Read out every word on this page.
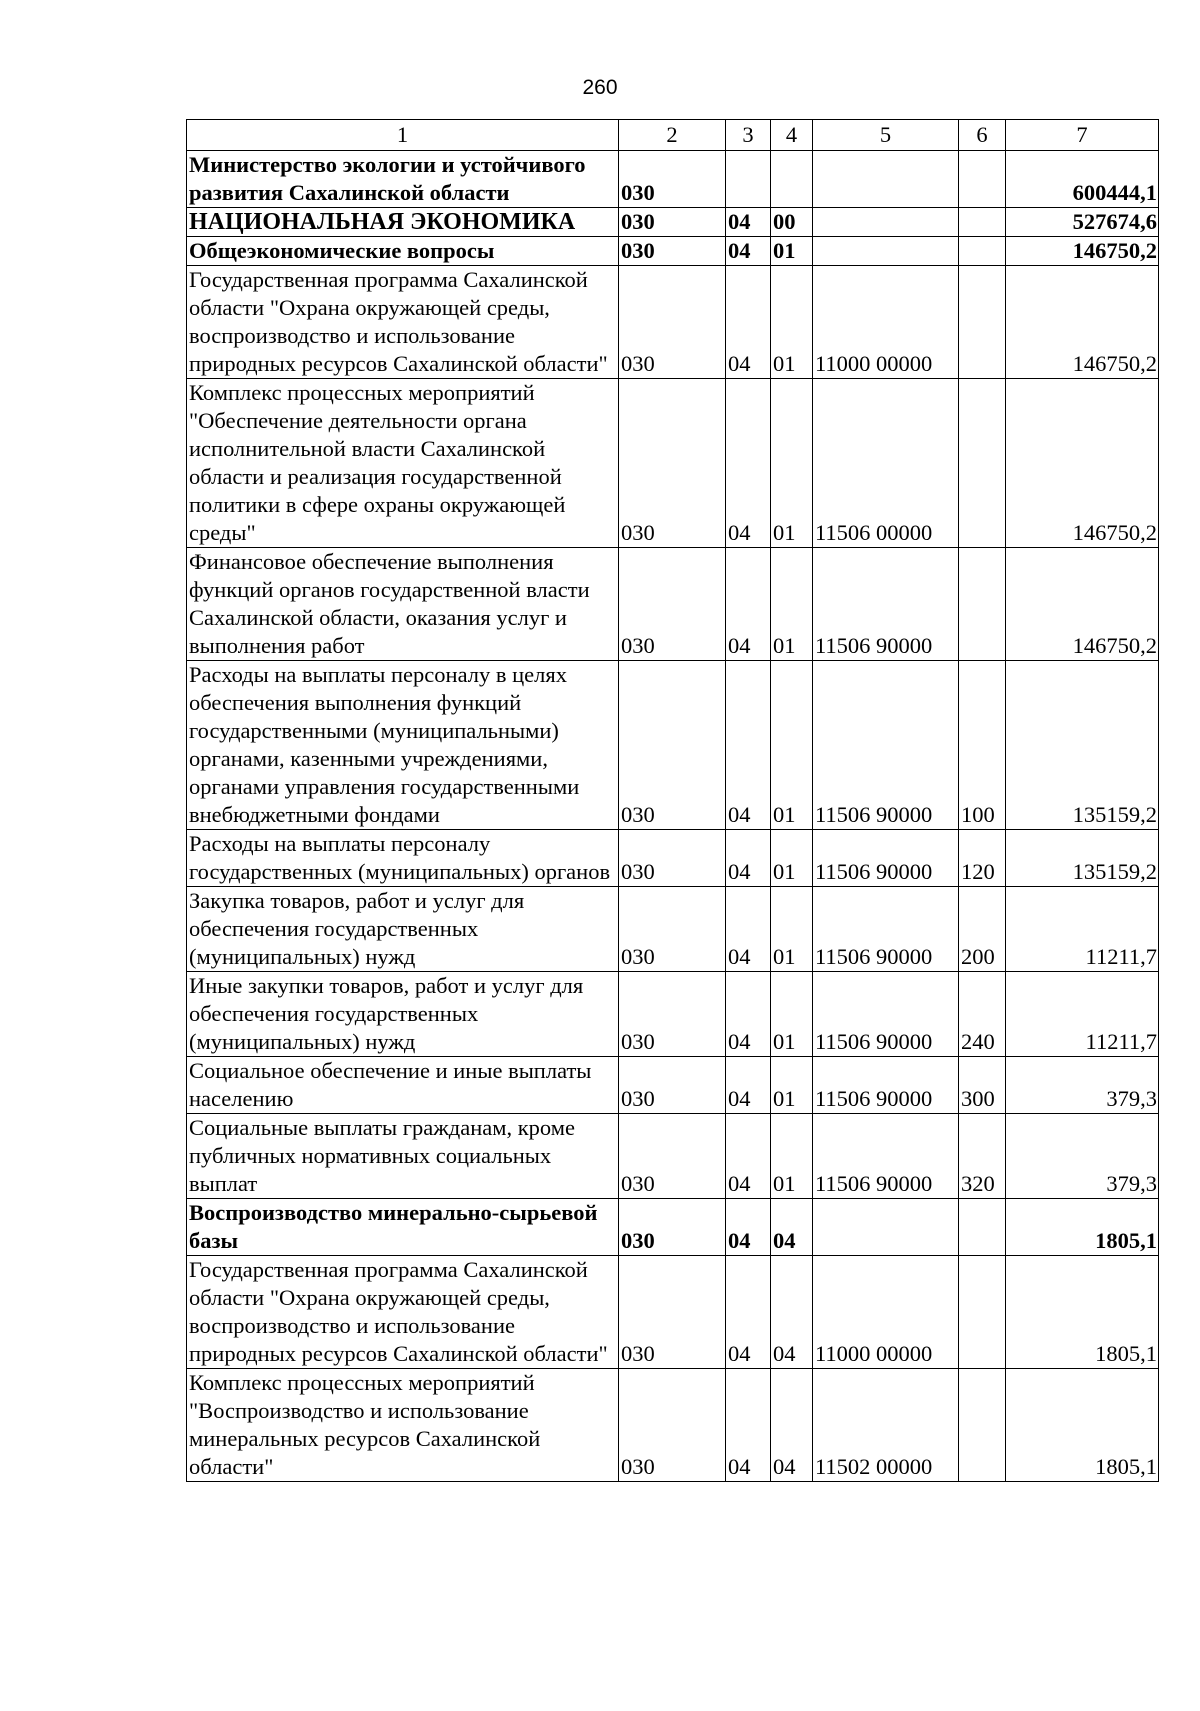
260
1	2	3	4	5	6	7
Министерство экологии и устойчивого развития Сахалинской области	030					600444,1
НАЦИОНАЛЬНАЯ ЭКОНОМИКА	030	04	00			527674,6
Общеэкономические вопросы	030	04	01			146750,2
Государственная программа Сахалинской области "Охрана окружающей среды, воспроизводство и использование природных ресурсов Сахалинской области"	030	04	01	11000 00000		146750,2
Комплекс процессных мероприятий "Обеспечение деятельности органа исполнительной власти Сахалинской области и реализация государственной политики в сфере охраны окружающей среды"	030	04	01	11506 00000		146750,2
Финансовое обеспечение выполнения функций органов государственной власти Сахалинской области, оказания услуг и выполнения работ	030	04	01	11506 90000		146750,2
Расходы на выплаты персоналу в целях обеспечения выполнения функций государственными (муниципальными) органами, казенными учреждениями, органами управления государственными внебюджетными фондами	030	04	01	11506 90000	100	135159,2
Расходы на выплаты персоналу государственных (муниципальных) органов	030	04	01	11506 90000	120	135159,2
Закупка товаров, работ и услуг для обеспечения государственных (муниципальных) нужд	030	04	01	11506 90000	200	11211,7
Иные закупки товаров, работ и услуг для обеспечения государственных (муниципальных) нужд	030	04	01	11506 90000	240	11211,7
Социальное обеспечение и иные выплаты населению	030	04	01	11506 90000	300	379,3
Социальные выплаты гражданам, кроме публичных нормативных социальных выплат	030	04	01	11506 90000	320	379,3
Воспроизводство минерально-сырьевой базы	030	04	04			1805,1
Государственная программа Сахалинской области "Охрана окружающей среды, воспроизводство и использование природных ресурсов Сахалинской области"	030	04	04	11000 00000		1805,1
Комплекс процессных мероприятий "Воспроизводство и использование минеральных ресурсов Сахалинской области"	030	04	04	11502 00000		1805,1
